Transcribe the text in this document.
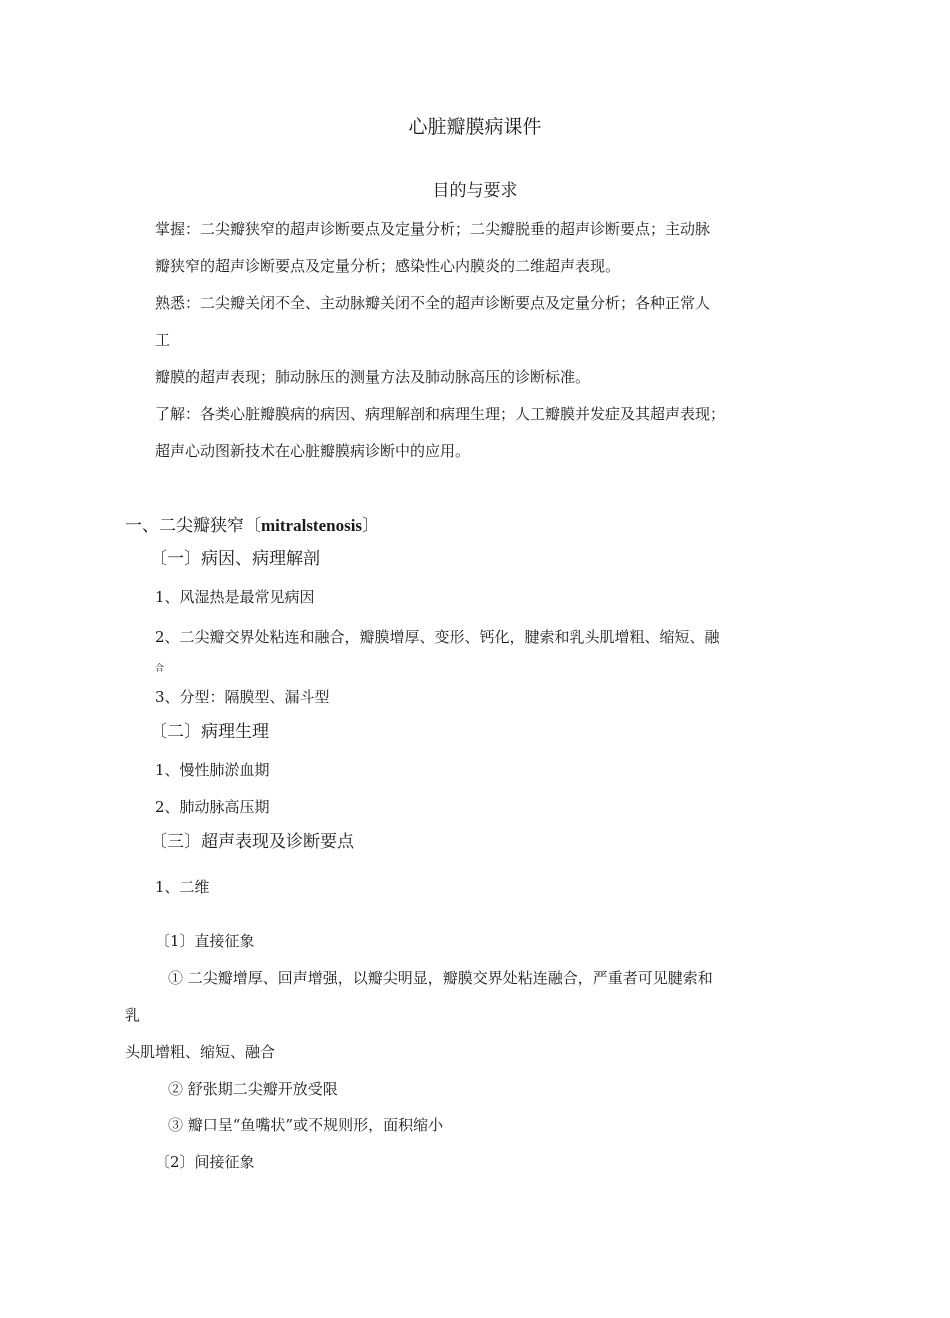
心脏瓣膜病课件
目的与要求
掌握：二尖瓣狭窄的超声诊断要点及定量分析；二尖瓣脱垂的超声诊断要点；主动脉
瓣狭窄的超声诊断要点及定量分析；感染性心内膜炎的二维超声表现。
熟悉：二尖瓣关闭不全、主动脉瓣关闭不全的超声诊断要点及定量分析；各种正常人
工
瓣膜的超声表现；肺动脉压的测量方法及肺动脉高压的诊断标准。
了解：各类心脏瓣膜病的病因、病理解剖和病理生理；人工瓣膜并发症及其超声表现；
超声心动图新技术在心脏瓣膜病诊断中的应用。
一、二尖瓣狭窄〔mitralstenosis〕
〔一〕病因、病理解剖
1、风湿热是最常见病因
2、二尖瓣交界处粘连和融合，瓣膜增厚、变形、钙化，腱索和乳头肌增粗、缩短、融
合
3、分型：隔膜型、漏斗型
〔二〕病理生理
1、慢性肺淤血期
2、肺动脉高压期
〔三〕超声表现及诊断要点
1、二维
〔1〕直接征象
① 二尖瓣增厚、回声增强，以瓣尖明显，瓣膜交界处粘连融合，严重者可见腱索和
乳
头肌增粗、缩短、融合
② 舒张期二尖瓣开放受限
③ 瓣口呈“鱼嘴状”或不规则形，面积缩小
〔2〕间接征象
